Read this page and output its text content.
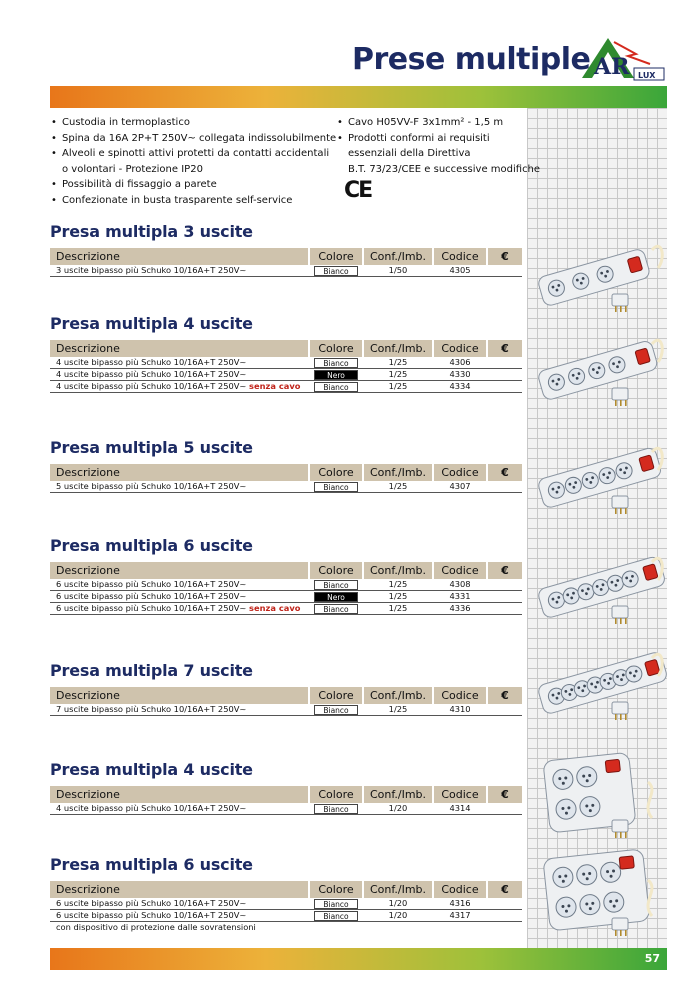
Prese multiple AR LUX
• Custodia in termoplastico
• Spina da 16A 2P+T 250V~ collegata indissolubilmente
• Alveoli e spinotti attivi protetti da contatti accidentali
o volontari - Protezione IP20
• Possibilità di fissaggio a parete
• Confezionate in busta trasparente self-service
• Cavo H05VV-F 3x1mm² - 1,5 m
• Prodotti conformi ai requisiti
essenziali della Direttiva
B.T. 73/23/CEE e successive modifiche
CE
Presa multipla 3 uscite
Descrizione	Colore	Conf./Imb.	Codice	€
3 uscite bipasso più Schuko 10/16A+T 250V~	Bianco	1/50	4305
Presa multipla 4 uscite
Descrizione	Colore	Conf./Imb.	Codice	€
4 uscite bipasso più Schuko 10/16A+T 250V~	Bianco	1/25	4306
4 uscite bipasso più Schuko 10/16A+T 250V~	Nero	1/25	4330
4 uscite bipasso più Schuko 10/16A+T 250V~ senza cavo	Bianco	1/25	4334
Presa multipla 5 uscite
Descrizione	Colore	Conf./Imb.	Codice	€
5 uscite bipasso più Schuko 10/16A+T 250V~	Bianco	1/25	4307
Presa multipla 6 uscite
Descrizione	Colore	Conf./Imb.	Codice	€
6 uscite bipasso più Schuko 10/16A+T 250V~	Bianco	1/25	4308
6 uscite bipasso più Schuko 10/16A+T 250V~	Nero	1/25	4331
6 uscite bipasso più Schuko 10/16A+T 250V~ senza cavo	Bianco	1/25	4336
Presa multipla 7 uscite
Descrizione	Colore	Conf./Imb.	Codice	€
7 uscite bipasso più Schuko 10/16A+T 250V~	Bianco	1/25	4310
Presa multipla 4 uscite
Descrizione	Colore	Conf./Imb.	Codice	€
4 uscite bipasso più Schuko 10/16A+T 250V~	Bianco	1/20	4314
Presa multipla 6 uscite
Descrizione	Colore	Conf./Imb.	Codice	€
6 uscite bipasso più Schuko 10/16A+T 250V~	Bianco	1/20	4316
6 uscite bipasso più Schuko 10/16A+T 250V~	Bianco	1/20	4317
con dispositivo di protezione dalle sovratensioni
57
